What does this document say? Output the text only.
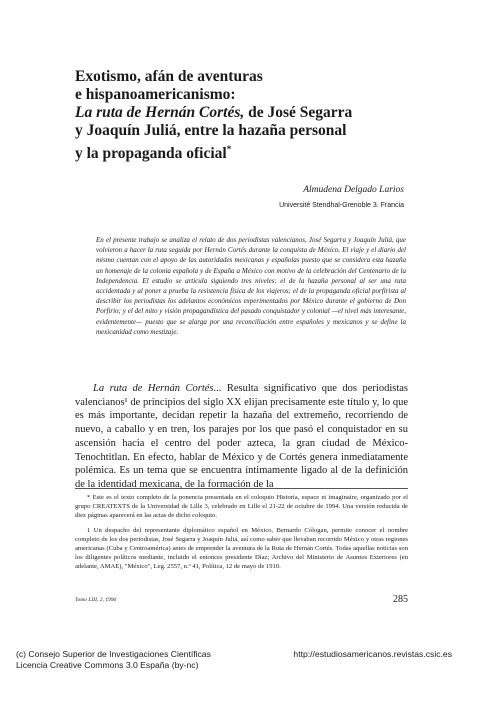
Exotismo, afán de aventuras
e hispanoamericanismo:
La ruta de Hernán Cortés, de José Segarra
y Joaquín Juliá, entre la hazaña personal
y la propaganda oficial*
Almudena Delgado Larios
Université Stendhal-Grenoble 3. Francia

En el presente trabajo se analiza el relato de dos periodistas valencianos, José Segarra y Joaquín Juliá, que volvieron a hacer la ruta seguida por Hernán Cortés durante la conquista de México. El viaje y el diario del mismo cuentan con el apoyo de las autoridades mexicanas y españolas puesto que se considera esta hazaña un homenaje de la colonia española y de España a México con motivo de la celebración del Centenario de la Independencia. El estudio se articula siguiendo tres niveles: el de la hazaña personal al ser una ruta accidentada y al poner a prueba la resistencia física de los viajeros; el de la propaganda oficial porfirista al describir los periodistas los adelantos económicos experimentados por México durante el gobierno de Don Porfirio; y el del mito y visión propagandística del pasado conquistador y colonial —el nivel más interesante, evidentemente— puesto que se alarga por una reconciliación entre españoles y mexicanos y se define la mexicanidad como mestizaje.

La ruta de Hernán Cortés... Resulta significativo que dos periodistas valencianos¹ de principios del siglo XX elijan precisamente este título y, lo que es más importante, decidan repetir la hazaña del extremeño, recorriendo de nuevo, a caballo y en tren, los parajes por los que pasó el conquistador en su ascensión hacia el centro del poder azteca, la gran ciudad de México-Tenochtitlan. En efecto, hablar de México y de Cortés genera inmediatamente polémica. Es un tema que se encuentra íntimamente ligado al de la definición de la identidad mexicana, de la formación de la

* Este es el texto completo de la ponencia presentada en el coloquio Historia, espace et imaginaire, organizado por el grupo CREATEXTS de la Universidad de Lille 3, celebrado en Lille el 21-22 de octubre de 1994. Una versión reducida de diez páginas aparecerá en las actas de dicho coloquio.

1 Un despacho del representante diplomático español en México, Bernardo Cólogan, permite conocer el nombre completo de los dos periodistas, José Segarra y Joaquín Juliá, así como saber que llevaban recorrido México y otras regiones americanas (Cuba y Centroamérica) antes de emprender la aventura de la Ruta de Hernán Cortés. Todas aquellas noticias son los diligentes políticos mediante, incluido el entonces presidente Díaz; Archivo del Ministerio de Asuntos Exteriores (en adelante, AMAE), "México", Leg. 2557, n.º 41, Política, 12 de mayo de 1910.

Tomo LIII, 2, 1996	285
(c) Consejo Superior de Investigaciones Científicas
Licencia Creative Commons 3.0 España (by-nc)
http://estudiosamericanos.revistas.csic.es
